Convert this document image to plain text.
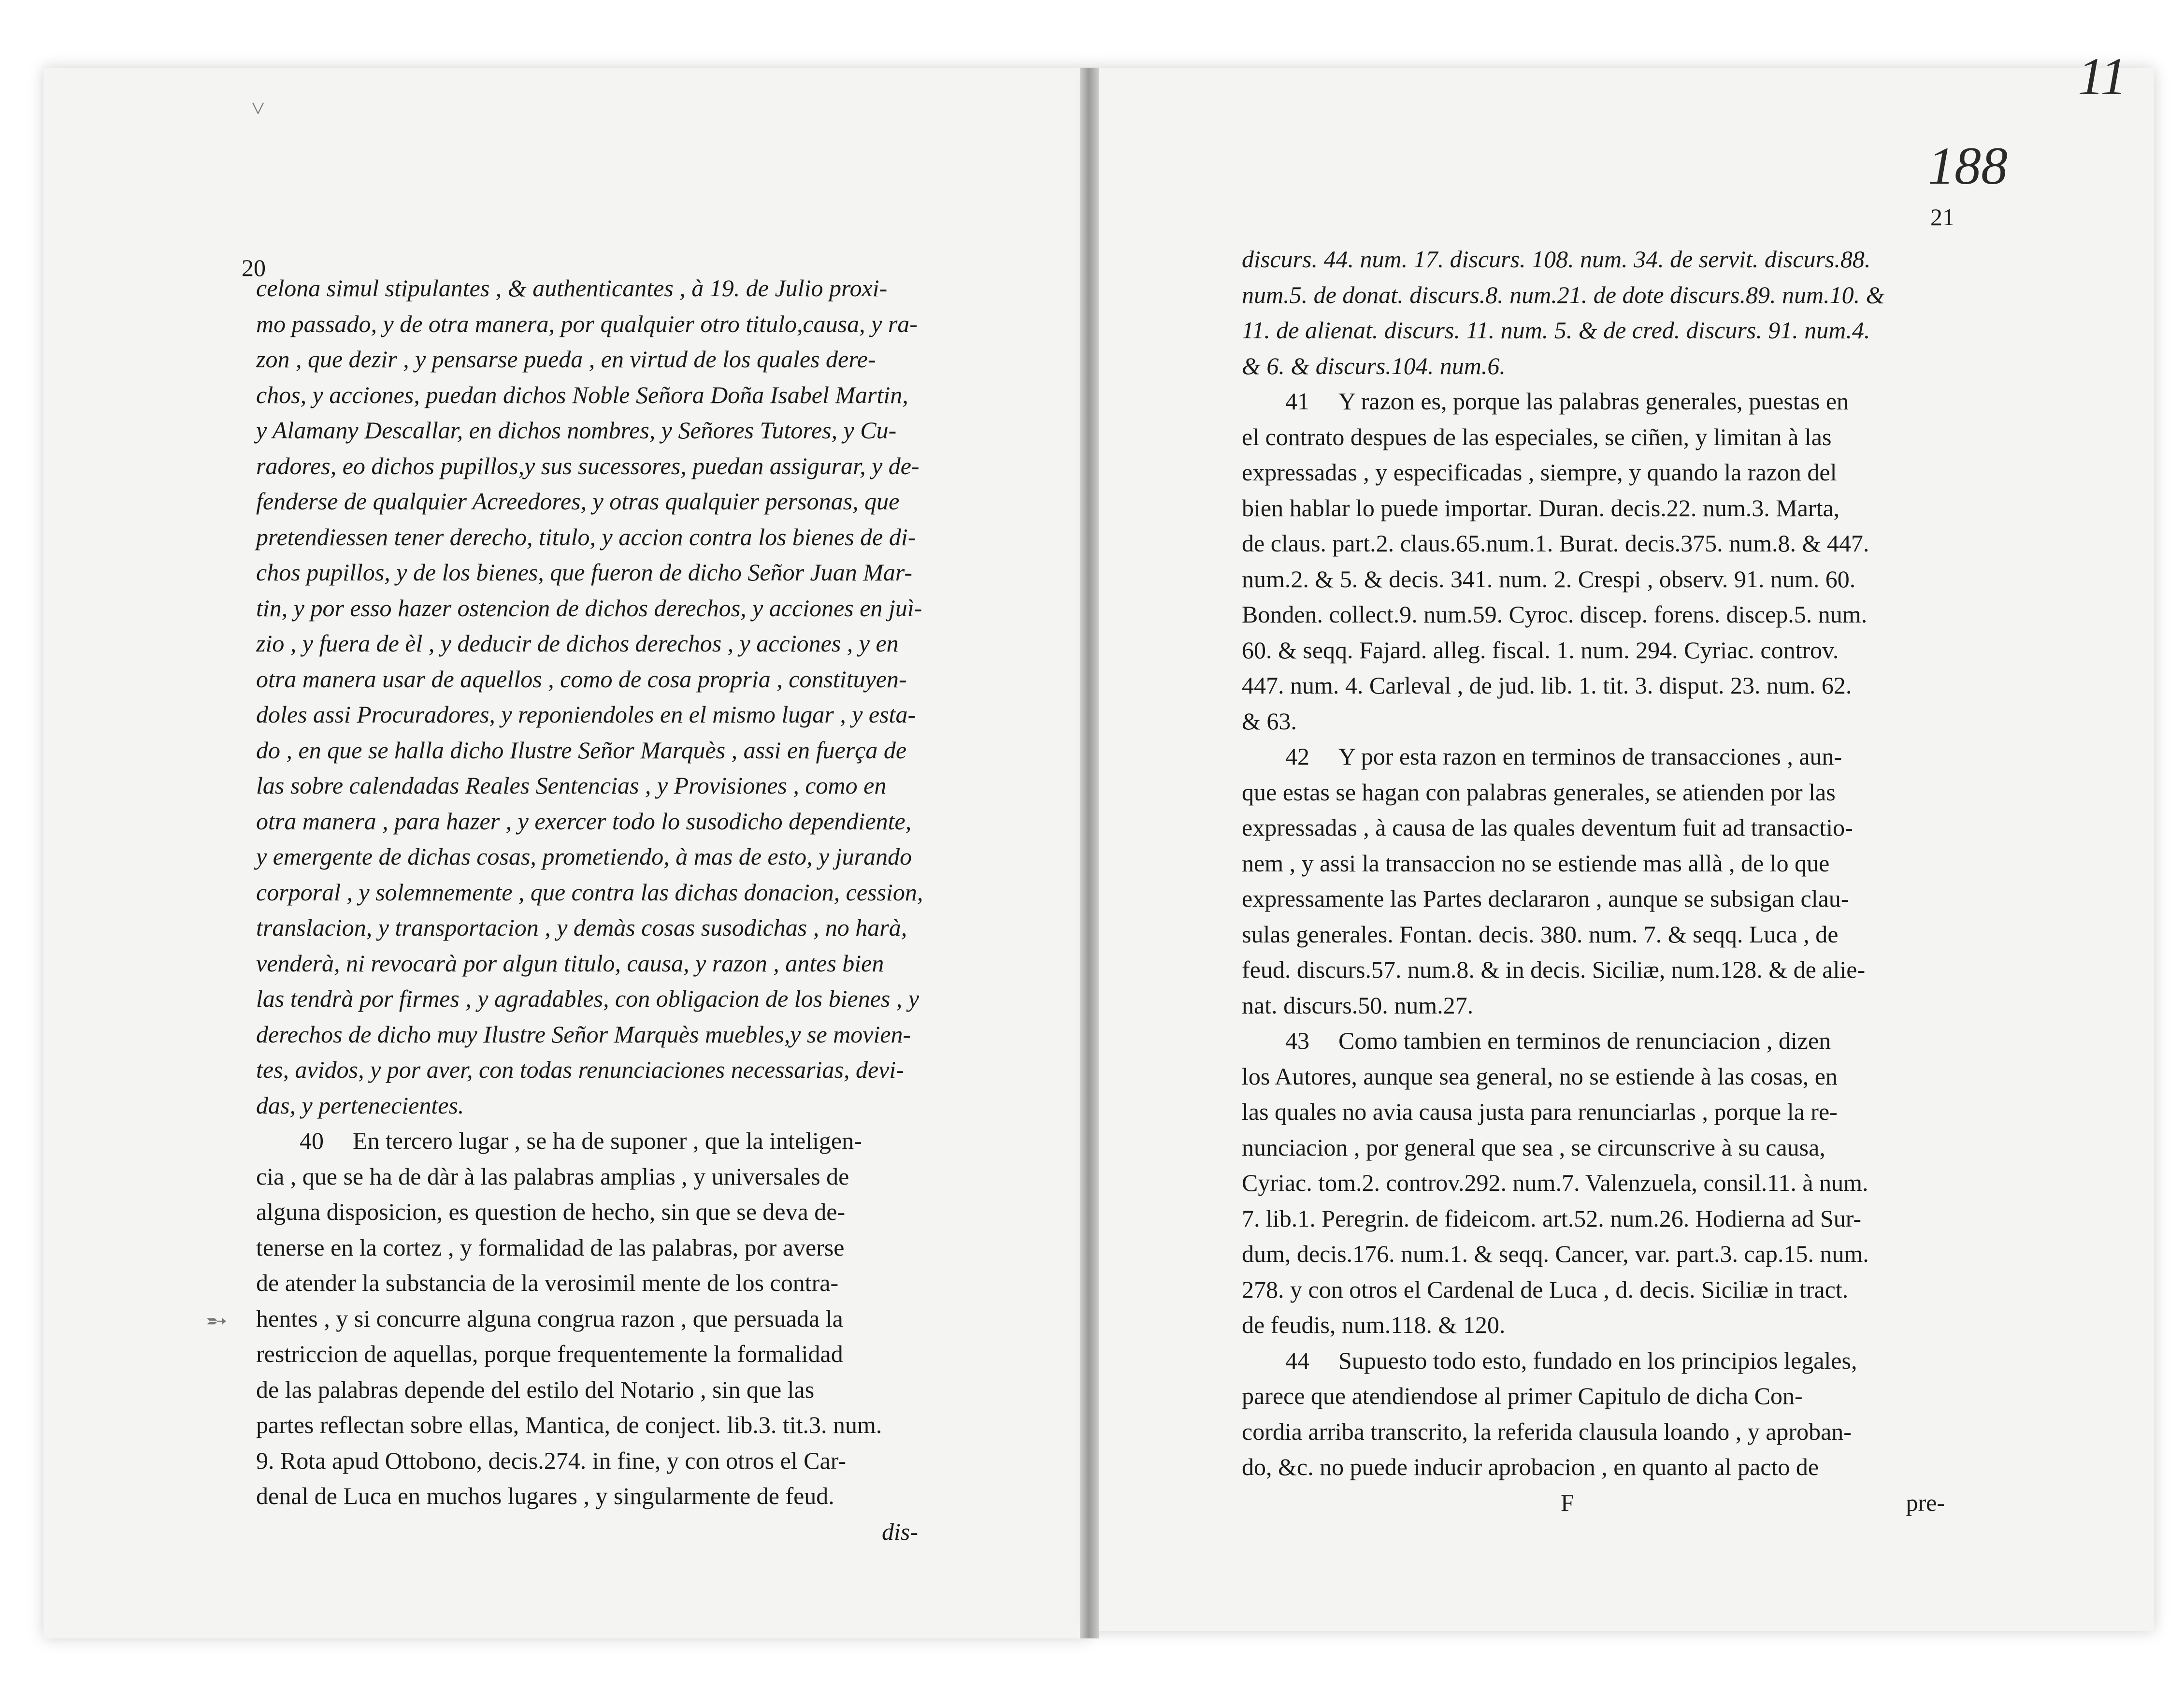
11
188
˅
➵
20
21

celona simul stipulantes , & authenticantes , à 19. de Julio proxi-

mo passado, y de otra manera, por qualquier otro titulo,causa, y ra-

zon , que dezir , y pensarse pueda , en virtud de los quales dere-

chos, y acciones, puedan dichos Noble Señora Doña Isabel Martin,

y Alamany Descallar, en dichos nombres, y Señores Tutores, y Cu-

radores, eo dichos pupillos,y sus sucessores, puedan assigurar, y de-

fenderse de qualquier Acreedores, y otras qualquier personas, que

pretendiessen tener derecho, titulo, y accion contra los bienes de di-

chos pupillos, y de los bienes, que fueron de dicho Señor Juan Mar-

tin, y por esso hazer ostencion de dichos derechos, y acciones en juì-

zio , y fuera de èl , y deducir de dichos derechos , y acciones , y en

otra manera usar de aquellos , como de cosa propria , constituyen-

doles assi Procuradores, y reponiendoles en el mismo lugar , y esta-

do , en que se halla dicho Ilustre Señor Marquès , assi en fuerça de

las sobre calendadas Reales Sentencias , y Provisiones , como en

otra manera , para hazer , y exercer todo lo susodicho dependiente,

y emergente de dichas cosas, prometiendo, à mas de esto, y jurando

corporal , y solemnemente , que contra las dichas donacion, cession,

translacion, y transportacion , y demàs cosas susodichas , no harà,

venderà, ni revocarà por algun titulo, causa, y razon , antes bien

las tendrà por firmes , y agradables, con obligacion de los bienes , y

derechos de dicho muy Ilustre Señor Marquès muebles,y se movien-

tes, avidos, y por aver, con todas renunciaciones necessarias, devi-

das, y pertenecientes.

40 En tercero lugar , se ha de suponer , que la inteligen-

cia , que se ha de dàr à las palabras amplias , y universales de

alguna disposicion, es question de hecho, sin que se deva de-

tenerse en la cortez , y formalidad de las palabras, por averse

de atender la substancia de la verosimil mente de los contra-

hentes , y si concurre alguna congrua razon , que persuada la

restriccion de aquellas, porque frequentemente la formalidad

de las palabras depende del estilo del Notario , sin que las

partes reflectan sobre ellas, Mantica, de conject. lib.3. tit.3. num.

9. Rota apud Ottobono, decis.274. in fine, y con otros el Car-

denal de Luca en muchos lugares , y singularmente de feud.

dis-

discurs. 44. num. 17. discurs. 108. num. 34. de servit. discurs.88.

num.5. de donat. discurs.8. num.21. de dote discurs.89. num.10. &

11. de alienat. discurs. 11. num. 5. & de cred. discurs. 91. num.4.

& 6. & discurs.104. num.6.

41 Y razon es, porque las palabras generales, puestas en

el contrato despues de las especiales, se ciñen, y limitan à las

expressadas , y especificadas , siempre, y quando la razon del

bien hablar lo puede importar. Duran. decis.22. num.3. Marta,

de claus. part.2. claus.65.num.1. Burat. decis.375. num.8. & 447.

num.2. & 5. & decis. 341. num. 2. Crespi , observ. 91. num. 60.

Bonden. collect.9. num.59. Cyroc. discep. forens. discep.5. num.

60. & seqq. Fajard. alleg. fiscal. 1. num. 294. Cyriac. controv.

447. num. 4. Carleval , de jud. lib. 1. tit. 3. disput. 23. num. 62.

& 63.

42 Y por esta razon en terminos de transacciones , aun-

que estas se hagan con palabras generales, se atienden por las

expressadas , à causa de las quales deventum fuit ad transactio-

nem , y assi la transaccion no se estiende mas allà , de lo que

expressamente las Partes declararon , aunque se subsigan clau-

sulas generales. Fontan. decis. 380. num. 7. & seqq. Luca , de

feud. discurs.57. num.8. & in decis. Siciliæ, num.128. & de alie-

nat. discurs.50. num.27.

43 Como tambien en terminos de renunciacion , dizen

los Autores, aunque sea general, no se estiende à las cosas, en

las quales no avia causa justa para renunciarlas , porque la re-

nunciacion , por general que sea , se circunscrive à su causa,

Cyriac. tom.2. controv.292. num.7. Valenzuela, consil.11. à num.

7. lib.1. Peregrin. de fideicom. art.52. num.26. Hodierna ad Sur-

dum, decis.176. num.1. & seqq. Cancer, var. part.3. cap.15. num.

278. y con otros el Cardenal de Luca , d. decis. Siciliæ in tract.

de feudis, num.118. & 120.

44 Supuesto todo esto, fundado en los principios legales,

parece que atendiendose al primer Capitulo de dicha Con-

cordia arriba transcrito, la referida clausula loando , y aproban-

do, &c. no puede inducir aprobacion , en quanto al pacto de

F	pre-
